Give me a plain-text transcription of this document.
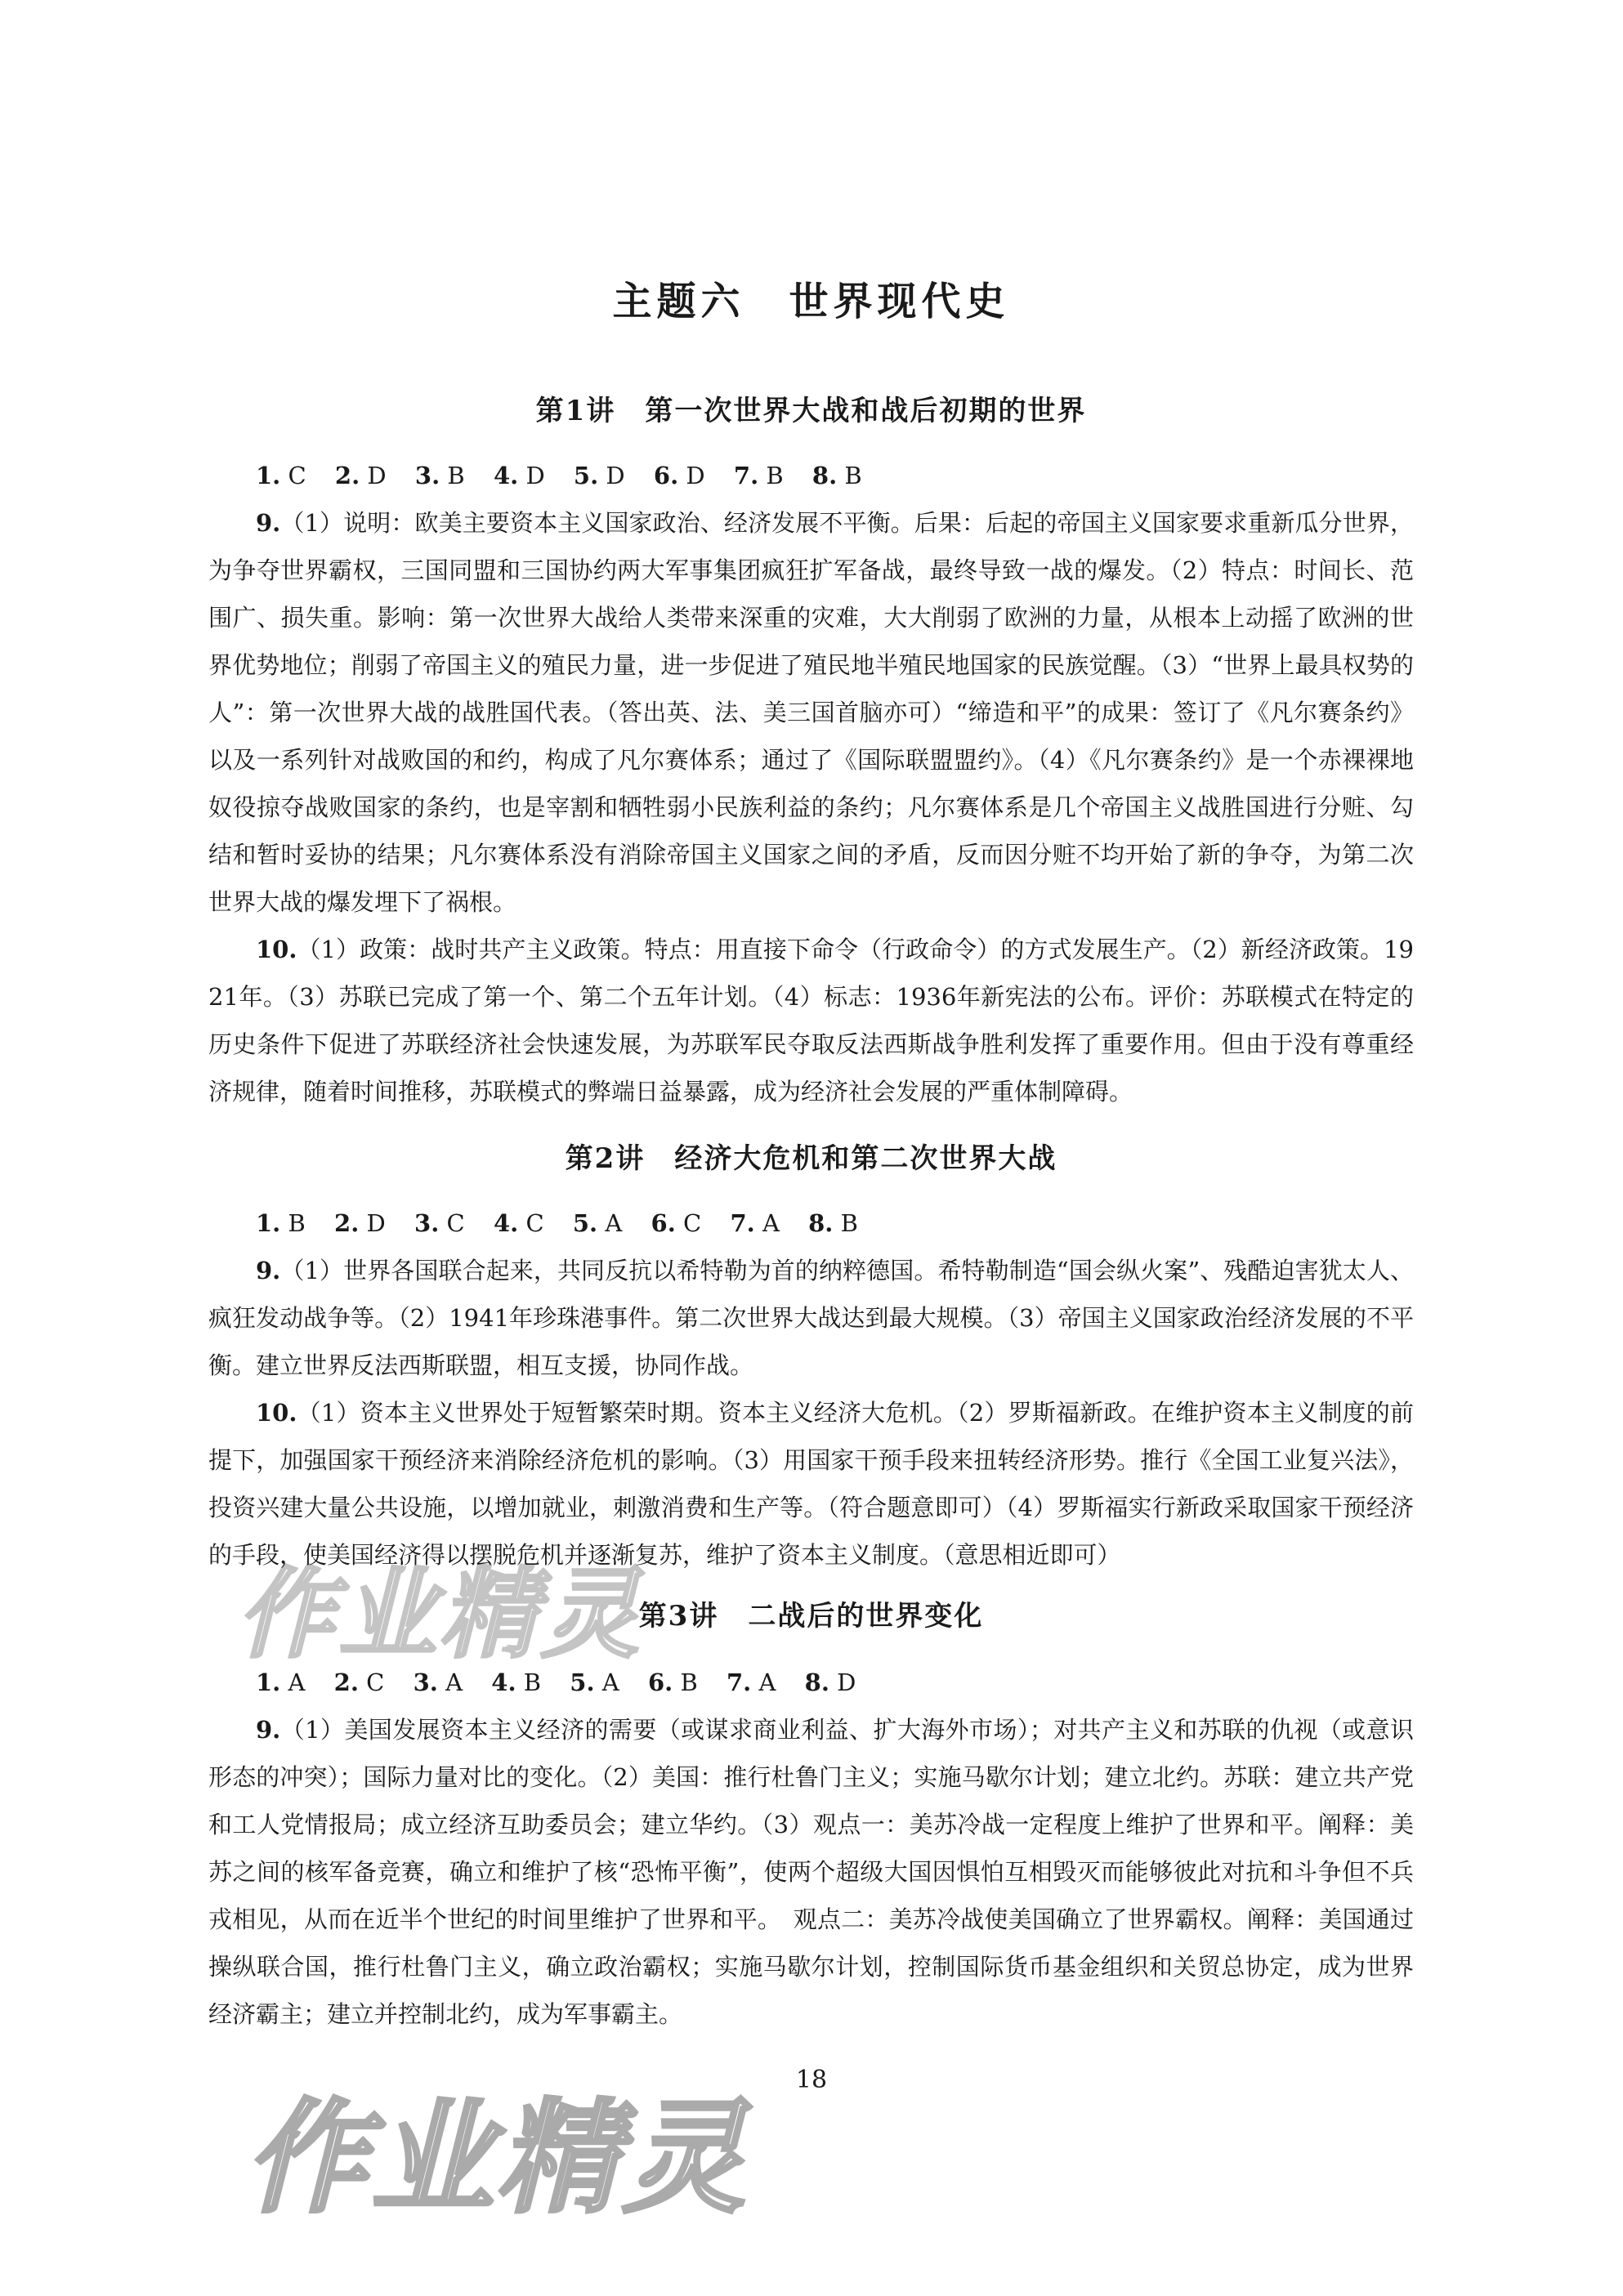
作业精灵
主题六　世界现代史
第1讲　第一次世界大战和战后初期的世界

1. C 2. D 3. B 4. D 5. D 6. D 7. B 8. B

9.（1）说明：欧美主要资本主义国家政治、经济发展不平衡。后果：后起的帝国主义国家要求重新瓜分世界，为争夺世界霸权，三国同盟和三国协约两大军事集团疯狂扩军备战，最终导致一战的爆发。（2）特点：时间长、范围广、损失重。影响：第一次世界大战给人类带来深重的灾难，大大削弱了欧洲的力量，从根本上动摇了欧洲的世界优势地位；削弱了帝国主义的殖民力量，进一步促进了殖民地半殖民地国家的民族觉醒。（3）“世界上最具权势的人”：第一次世界大战的战胜国代表。（答出英、法、美三国首脑亦可）“缔造和平”的成果：签订了《凡尔赛条约》以及一系列针对战败国的和约，构成了凡尔赛体系；通过了《国际联盟盟约》。（4）《凡尔赛条约》是一个赤裸裸地奴役掠夺战败国家的条约，也是宰割和牺牲弱小民族利益的条约；凡尔赛体系是几个帝国主义战胜国进行分赃、勾结和暂时妥协的结果；凡尔赛体系没有消除帝国主义国家之间的矛盾，反而因分赃不均开始了新的争夺，为第二次世界大战的爆发埋下了祸根。

10.（1）政策：战时共产主义政策。特点：用直接下命令（行政命令）的方式发展生产。（2）新经济政策。1921年。（3）苏联已完成了第一个、第二个五年计划。（4）标志：1936年新宪法的公布。评价：苏联模式在特定的历史条件下促进了苏联经济社会快速发展，为苏联军民夺取反法西斯战争胜利发挥了重要作用。但由于没有尊重经济规律，随着时间推移，苏联模式的弊端日益暴露，成为经济社会发展的严重体制障碍。

第2讲　经济大危机和第二次世界大战

1. B 2. D 3. C 4. C 5. A 6. C 7. A 8. B

9.（1）世界各国联合起来，共同反抗以希特勒为首的纳粹德国。希特勒制造“国会纵火案”、残酷迫害犹太人、疯狂发动战争等。（2）1941年珍珠港事件。第二次世界大战达到最大规模。（3）帝国主义国家政治经济发展的不平衡。建立世界反法西斯联盟，相互支援，协同作战。

10.（1）资本主义世界处于短暂繁荣时期。资本主义经济大危机。（2）罗斯福新政。在维护资本主义制度的前提下，加强国家干预经济来消除经济危机的影响。（3）用国家干预手段来扭转经济形势。推行《全国工业复兴法》，投资兴建大量公共设施，以增加就业，刺激消费和生产等。（符合题意即可）（4）罗斯福实行新政采取国家干预经济的手段，使美国经济得以摆脱危机并逐渐复苏，维护了资本主义制度。（意思相近即可）

第3讲　二战后的世界变化

1. A 2. C 3. A 4. B 5. A 6. B 7. A 8. D

9.（1）美国发展资本主义经济的需要（或谋求商业利益、扩大海外市场）；对共产主义和苏联的仇视（或意识形态的冲突）；国际力量对比的变化。（2）美国：推行杜鲁门主义；实施马歇尔计划；建立北约。苏联：建立共产党和工人党情报局；成立经济互助委员会；建立华约。（3）观点一：美苏冷战一定程度上维护了世界和平。阐释：美苏之间的核军备竞赛，确立和维护了核“恐怖平衡”，使两个超级大国因惧怕互相毁灭而能够彼此对抗和斗争但不兵戎相见，从而在近半个世纪的时间里维护了世界和平。　观点二：美苏冷战使美国确立了世界霸权。阐释：美国通过操纵联合国，推行杜鲁门主义，确立政治霸权；实施马歇尔计划，控制国际货币基金组织和关贸总协定，成为世界经济霸主；建立并控制北约，成为军事霸主。

18
作业精灵
